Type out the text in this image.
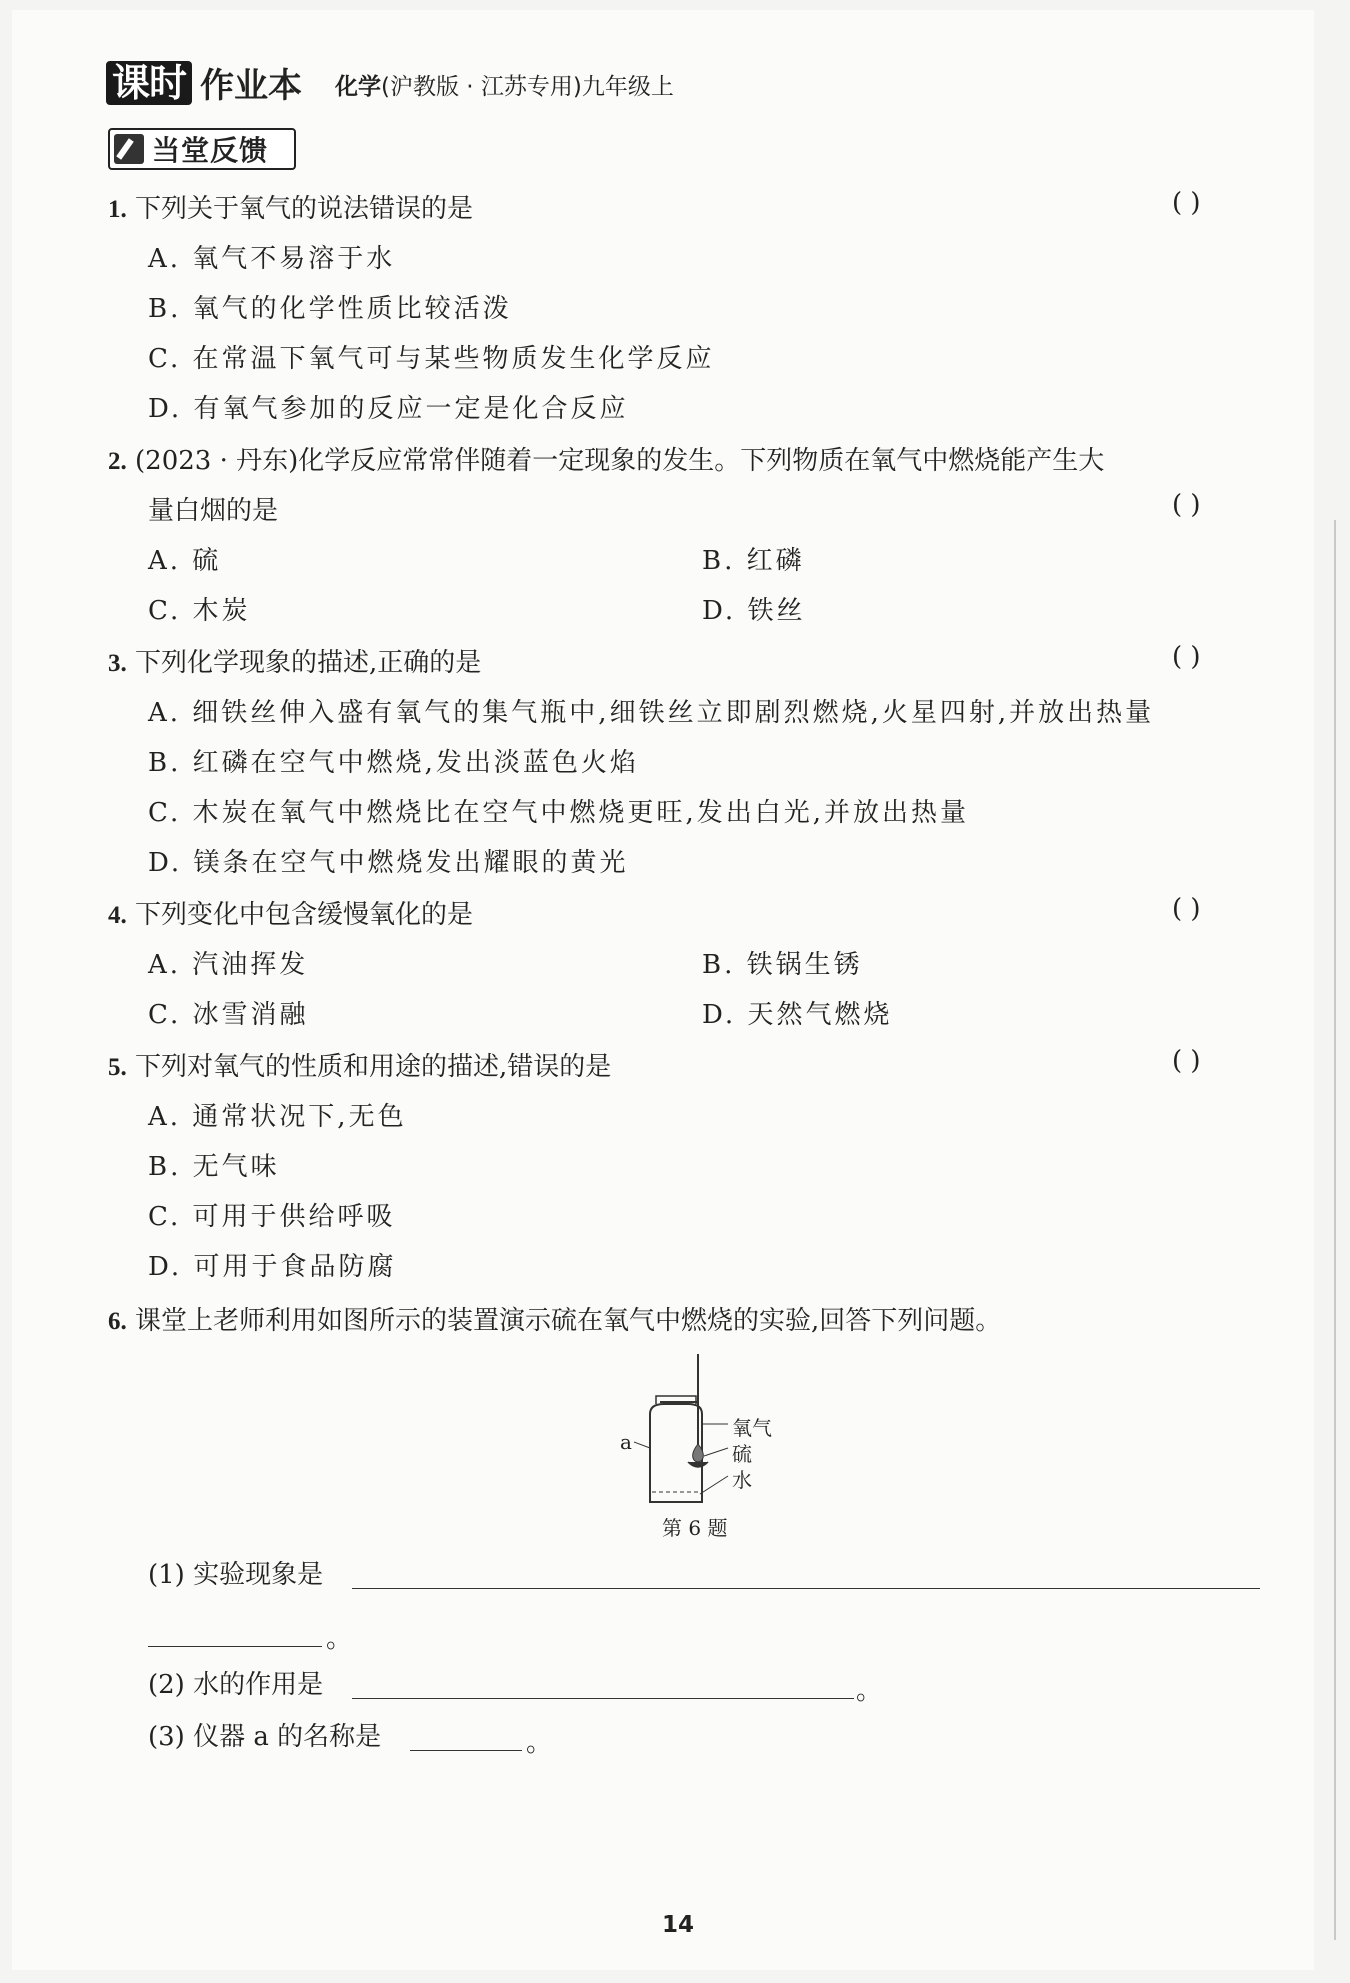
课时 作业本 化学(沪教版 · 江苏专用)九年级上
当堂反馈
1. 下列关于氧气的说法错误的是	( )
A. 氧气不易溶于水
B. 氧气的化学性质比较活泼
C. 在常温下氧气可与某些物质发生化学反应
D. 有氧气参加的反应一定是化合反应
2. (2023 · 丹东)化学反应常常伴随着一定现象的发生。下列物质在氧气中燃烧能产生大
量白烟的是	( )
A. 硫	B. 红磷
C. 木炭	D. 铁丝
3. 下列化学现象的描述,正确的是	( )
A. 细铁丝伸入盛有氧气的集气瓶中,细铁丝立即剧烈燃烧,火星四射,并放出热量
B. 红磷在空气中燃烧,发出淡蓝色火焰
C. 木炭在氧气中燃烧比在空气中燃烧更旺,发出白光,并放出热量
D. 镁条在空气中燃烧发出耀眼的黄光
4. 下列变化中包含缓慢氧化的是	( )
A. 汽油挥发	B. 铁锅生锈
C. 冰雪消融	D. 天然气燃烧
5. 下列对氧气的性质和用途的描述,错误的是	( )
A. 通常状况下,无色
B. 无气味
C. 可用于供给呼吸
D. 可用于食品防腐
6. 课堂上老师利用如图所示的装置演示硫在氧气中燃烧的实验,回答下列问题。
a
氧气
硫
水
第 6 题
(1) 实验现象是
。
(2) 水的作用是	。
(3) 仪器 a 的名称是	。
14
